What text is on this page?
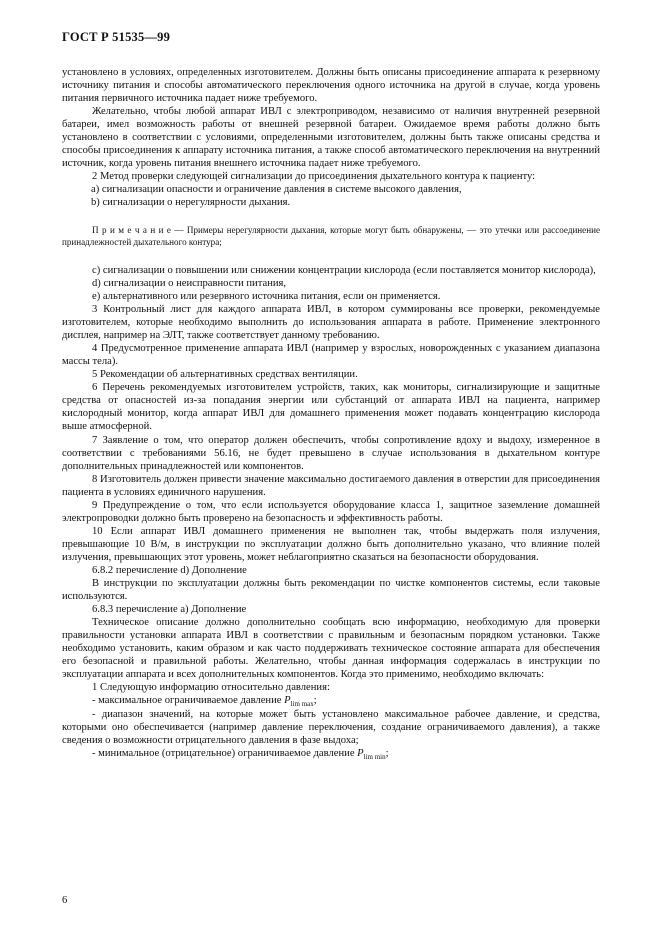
ГОСТ Р 51535—99

установлено в условиях, определенных изготовителем. Должны быть описаны присоединение аппарата к резервному источнику питания и способы автоматического переключения одного источника на другой в случае, когда уровень питания первичного источника падает ниже требуемого.

Желательно, чтобы любой аппарат ИВЛ с электроприводом, независимо от наличия внутренней резервной батареи, имел возможность работы от внешней резервной батареи. Ожидаемое время работы должно быть установлено в соответствии с условиями, определенными изготовителем, должны быть также описаны средства и способы присоединения к аппарату источника питания, а также способ автоматического переключения на внутренний источник, когда уровень питания внешнего источника падает ниже требуемого.

2 Метод проверки следующей сигнализации до присоединения дыхательного контура к пациенту:

a) сигнализации опасности и ограничение давления в системе высокого давления,

b) сигнализации о нерегулярности дыхания.

П р и м е ч а н и е — Примеры нерегулярности дыхания, которые могут быть обнаружены, — это утечки или рассоединение принадлежностей дыхательного контура;

c) сигнализации о повышении или снижении концентрации кислорода (если поставляется монитор кислорода),

d) сигнализации о неисправности питания,

e) альтернативного или резервного источника питания, если он применяется.

3 Контрольный лист для каждого аппарата ИВЛ, в котором суммированы все проверки, рекомендуемые изготовителем, которые необходимо выполнить до использования аппарата в работе. Применение электронного дисплея, например на ЭЛТ, также соответствует данному требованию.

4 Предусмотренное применение аппарата ИВЛ (например у взрослых, новорожденных с указанием диапазона массы тела).

5 Рекомендации об альтернативных средствах вентиляции.

6 Перечень рекомендуемых изготовителем устройств, таких, как мониторы, сигнализирующие и защитные средства от опасностей из-за попадания энергии или субстанций от аппарата ИВЛ на пациента, например кислородный монитор, когда аппарат ИВЛ для домашнего применения может подавать концентрацию кислорода выше атмосферной.

7 Заявление о том, что оператор должен обеспечить, чтобы сопротивление вдоху и выдоху, измеренное в соответствии с требованиями 56.16, не будет превышено в случае использования в дыхательном контуре дополнительных принадлежностей или компонентов.

8 Изготовитель должен привести значение максимально достигаемого давления в отверстии для присоединения пациента в условиях единичного нарушения.

9 Предупреждение о том, что если используется оборудование класса 1, защитное заземление домашней электропроводки должно быть проверено на безопасность и эффективность работы.

10 Если аппарат ИВЛ домашнего применения не выполнен так, чтобы выдержать поля излучения, превышающие 10 В/м, в инструкции по эксплуатации должно быть дополнительно указано, что влияние полей излучения, превышающих этот уровень, может неблагоприятно сказаться на безопасности оборудования.

6.8.2 перечисление d) Дополнение

В инструкции по эксплуатации должны быть рекомендации по чистке компонентов системы, если таковые используются.

6.8.3 перечисление a) Дополнение

Техническое описание должно дополнительно сообщать всю информацию, необходимую для проверки правильности установки аппарата ИВЛ в соответствии с правильным и безопасным порядком установки. Также необходимо установить, каким образом и как часто поддерживать техническое состояние аппарата для обеспечения его безопасной и правильной работы. Желательно, чтобы данная информация содержалась в инструкции по эксплуатации аппарата и всех дополнительных компонентов. Когда это применимо, необходимо включать:

1 Следующую информацию относительно давления:

- максимальное ограничиваемое давление $P_{lim max}$;

- диапазон значений, на которые может быть установлено максимальное рабочее давление, и средства, которыми оно обеспечивается (например давление переключения, создание ограничиваемого давления), а также сведения о возможности отрицательного давления в фазе выдоха;

- минимальное (отрицательное) ограничиваемое давление $P_{lim min}$;

6
